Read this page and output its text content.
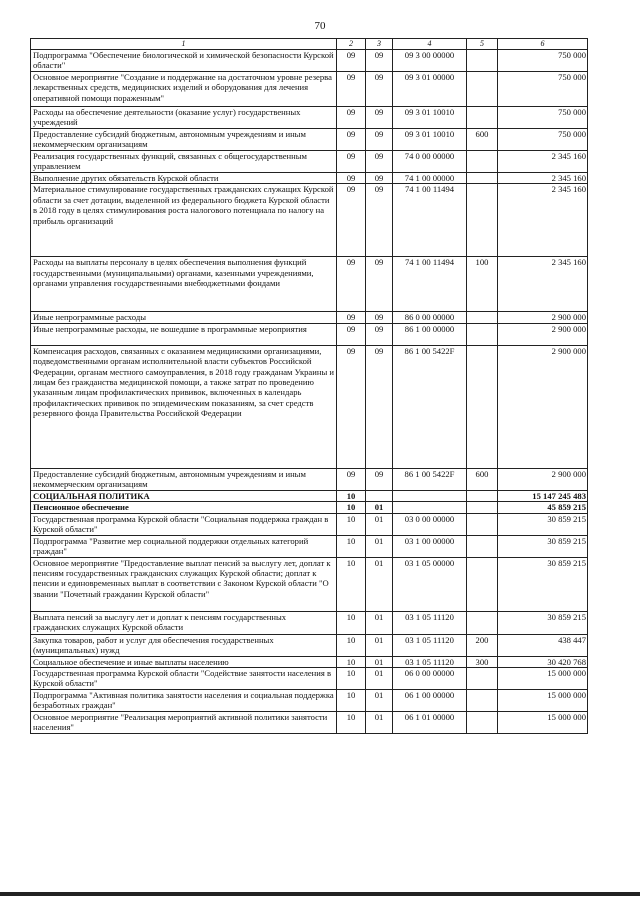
70
1	2	3	4	5	6
Подпрограмма "Обеспечение биологической и химической безопасности Курской области"	09	09	09 3 00 00000		750 000
Основное мероприятие "Создание и поддержание на достаточном уровне резерва лекарственных средств, медицинских изделий и оборудования для лечения оперативной помощи пораженным"	09	09	09 3 01 00000		750 000
Расходы на обеспечение деятельности (оказание услуг) государственных учреждений	09	09	09 3 01 10010		750 000
Предоставление субсидий бюджетным, автономным учреждениям и иным некоммерческим организациям	09	09	09 3 01 10010	600	750 000
Реализация государственных функций, связанных с общегосударственным управлением	09	09	74 0 00 00000		2 345 160
Выполнение других обязательств Курской области	09	09	74 1 00 00000		2 345 160
Материальное стимулирование государственных гражданских служащих Курской области за счет дотации, выделенной из федерального бюджета Курской области в 2018 году в целях стимулирования роста налогового потенциала по налогу на прибыль организаций	09	09	74 1 00 11494		2 345 160
Расходы на выплаты персоналу в целях обеспечения выполнения функций государственными (муниципальными) органами, казенными учреждениями, органами управления государственными внебюджетными фондами	09	09	74 1 00 11494	100	2 345 160
Иные непрограммные расходы	09	09	86 0 00 00000		2 900 000
Иные непрограммные расходы, не вошедшие в программные мероприятия	09	09	86 1 00 00000		2 900 000
Компенсация расходов, связанных с оказанием медицинскими организациями, подведомственными органам исполнительной власти субъектов Российской Федерации, органам местного самоуправления, в 2018 году гражданам Украины и лицам без гражданства медицинской помощи, а также затрат по проведению указанным лицам профилактических прививок, включенных в календарь профилактических прививок по эпидемическим показаниям, за счет средств резервного фонда Правительства Российской Федерации	09	09	86 1 00 5422F		2 900 000
Предоставление субсидий бюджетным, автономным учреждениям и иным некоммерческим организациям	09	09	86 1 00 5422F	600	2 900 000
СОЦИАЛЬНАЯ ПОЛИТИКА	10				15 147 245 483
Пенсионное обеспечение	10	01			45 859 215
Государственная программа Курской области "Социальная поддержка граждан в Курской области"	10	01	03 0 00 00000		30 859 215
Подпрограмма "Развитие мер социальной поддержки отдельных категорий граждан"	10	01	03 1 00 00000		30 859 215
Основное мероприятие "Предоставление выплат пенсий за выслугу лет, доплат к пенсиям государственных гражданских служащих Курской области; доплат к пенсии и единовременных выплат в соответствии с Законом Курской области "О звании "Почетный гражданин Курской области"	10	01	03 1 05 00000		30 859 215
Выплата пенсий за выслугу лет и доплат к пенсиям государственных гражданских служащих Курской области	10	01	03 1 05 11120		30 859 215
Закупка товаров, работ и услуг для обеспечения государственных (муниципальных) нужд	10	01	03 1 05 11120	200	438 447
Социальное обеспечение и иные выплаты населению	10	01	03 1 05 11120	300	30 420 768
Государственная программа Курской области "Содействие занятости населения в Курской области"	10	01	06 0 00 00000		15 000 000
Подпрограмма "Активная политика занятости населения и социальная поддержка безработных граждан"	10	01	06 1 00 00000		15 000 000
Основное мероприятие "Реализация мероприятий активной политики занятости населения"	10	01	06 1 01 00000		15 000 000
